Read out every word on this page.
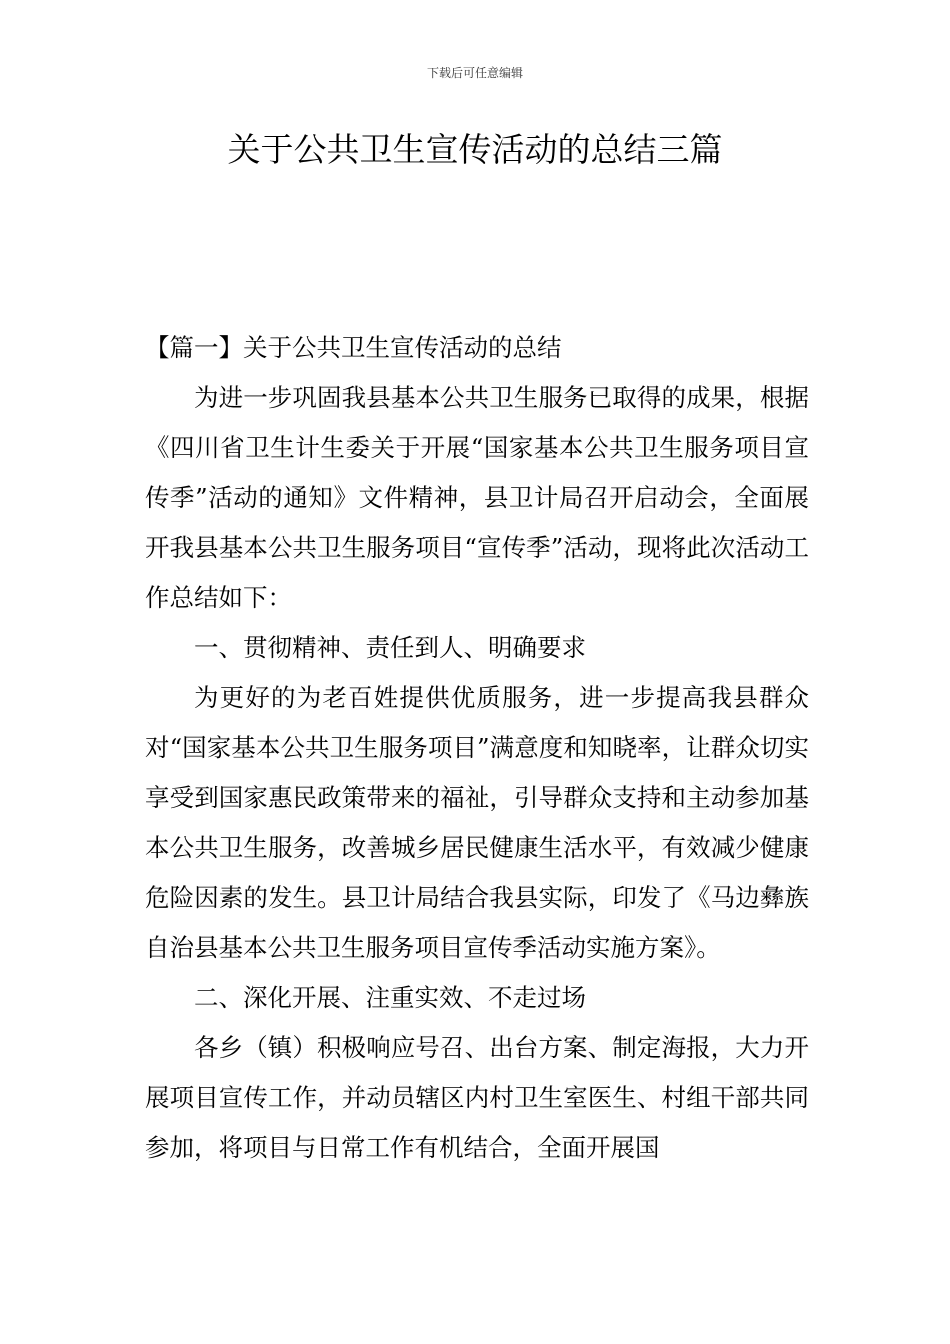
下载后可任意编辑
关于公共卫生宣传活动的总结三篇

【篇一】关于公共卫生宣传活动的总结

为进一步巩固我县基本公共卫生服务已取得的成果，根据《四川省卫生计生委关于开展“国家基本公共卫生服务项目宣传季”活动的通知》文件精神，县卫计局召开启动会，全面展开我县基本公共卫生服务项目“宣传季”活动，现将此次活动工作总结如下：

一、贯彻精神、责任到人、明确要求

为更好的为老百姓提供优质服务，进一步提高我县群众对“国家基本公共卫生服务项目”满意度和知晓率，让群众切实享受到国家惠民政策带来的福祉，引导群众支持和主动参加基本公共卫生服务，改善城乡居民健康生活水平，有效减少健康危险因素的发生。县卫计局结合我县实际，印发了《马边彝族自治县基本公共卫生服务项目宣传季活动实施方案》。

二、深化开展、注重实效、不走过场

各乡（镇）积极响应号召、出台方案、制定海报，大力开展项目宣传工作，并动员辖区内村卫生室医生、村组干部共同参加，将项目与日常工作有机结合，全面开展国
